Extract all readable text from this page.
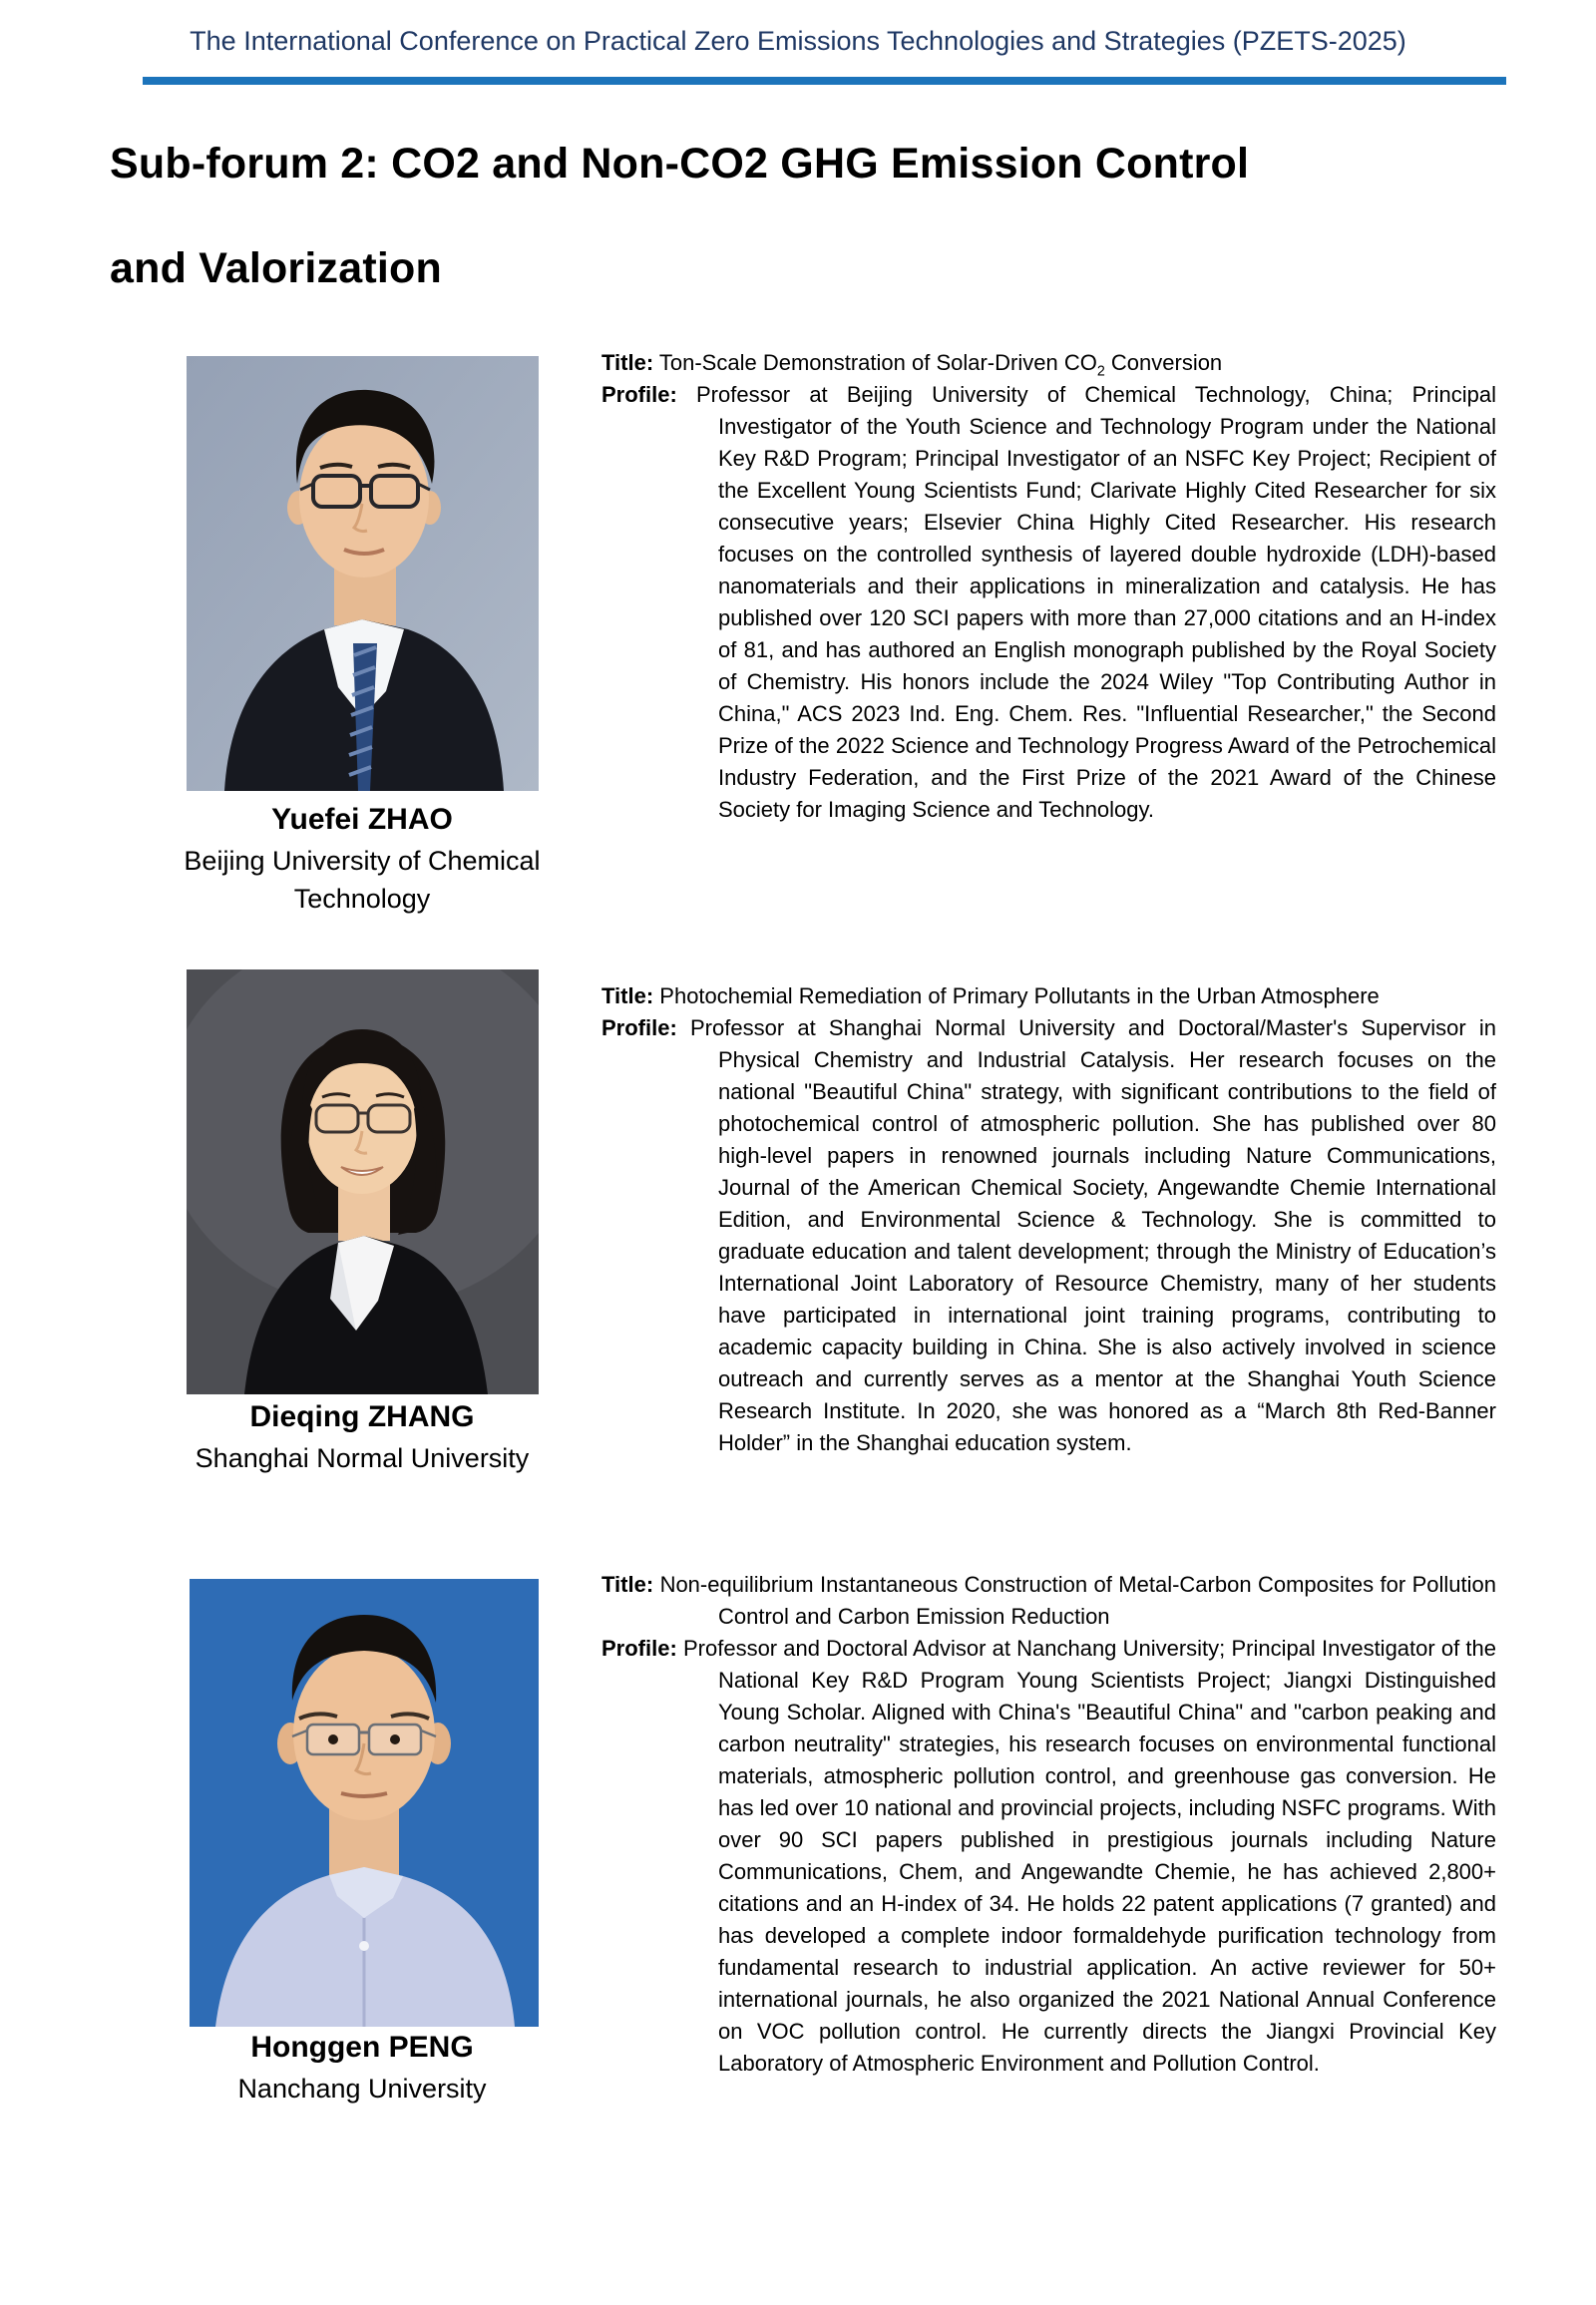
The International Conference on Practical Zero Emissions Technologies and Strategies (PZETS-2025)
Sub-forum 2: CO2 and Non-CO2 GHG Emission Control
and Valorization
Yuefei ZHAO
Beijing University of Chemical Technology

Title: Ton-Scale Demonstration of Solar-Driven $CO_2$ Conversion

Profile: Professor at Beijing University of Chemical Technology, China; Principal Investigator of the Youth Science and Technology Program under the National Key R&D Program; Principal Investigator of an NSFC Key Project; Recipient of the Excellent Young Scientists Fund; Clarivate Highly Cited Researcher for six consecutive years; Elsevier China Highly Cited Researcher. His research focuses on the controlled synthesis of layered double hydroxide (LDH)-based nanomaterials and their applications in mineralization and catalysis. He has published over 120 SCI papers with more than 27,000 citations and an H-index of 81, and has authored an English monograph published by the Royal Society of Chemistry. His honors include the 2024 Wiley "Top Contributing Author in China," ACS 2023 Ind. Eng. Chem. Res. "Influential Researcher," the Second Prize of the 2022 Science and Technology Progress Award of the Petrochemical Industry Federation, and the First Prize of the 2021 Award of the Chinese Society for Imaging Science and Technology.

Dieqing ZHANG
Shanghai Normal University

Title: Photochemial Remediation of Primary Pollutants in the Urban Atmosphere

Profile: Professor at Shanghai Normal University and Doctoral/Master's Supervisor in Physical Chemistry and Industrial Catalysis. Her research focuses on the national "Beautiful China" strategy, with significant contributions to the field of photochemical control of atmospheric pollution. She has published over 80 high-level papers in renowned journals including Nature Communications, Journal of the American Chemical Society, Angewandte Chemie International Edition, and Environmental Science & Technology. She is committed to graduate education and talent development; through the Ministry of Education’s International Joint Laboratory of Resource Chemistry, many of her students have participated in international joint training programs, contributing to academic capacity building in China. She is also actively involved in science outreach and currently serves as a mentor at the Shanghai Youth Science Research Institute. In 2020, she was honored as a “March 8th Red-Banner Holder” in the Shanghai education system.

Honggen PENG
Nanchang University

Title: Non-equilibrium Instantaneous Construction of Metal-Carbon Composites for Pollution Control and Carbon Emission Reduction

Profile: Professor and Doctoral Advisor at Nanchang University; Principal Investigator of the National Key R&D Program Young Scientists Project; Jiangxi Distinguished Young Scholar. Aligned with China's "Beautiful China" and "carbon peaking and carbon neutrality" strategies, his research focuses on environmental functional materials, atmospheric pollution control, and greenhouse gas conversion. He has led over 10 national and provincial projects, including NSFC programs. With over 90 SCI papers published in prestigious journals including Nature Communications, Chem, and Angewandte Chemie, he has achieved 2,800+ citations and an H-index of 34. He holds 22 patent applications (7 granted) and has developed a complete indoor formaldehyde purification technology from fundamental research to industrial application. An active reviewer for 50+ international journals, he also organized the 2021 National Annual Conference on VOC pollution control. He currently directs the Jiangxi Provincial Key Laboratory of Atmospheric Environment and Pollution Control.
